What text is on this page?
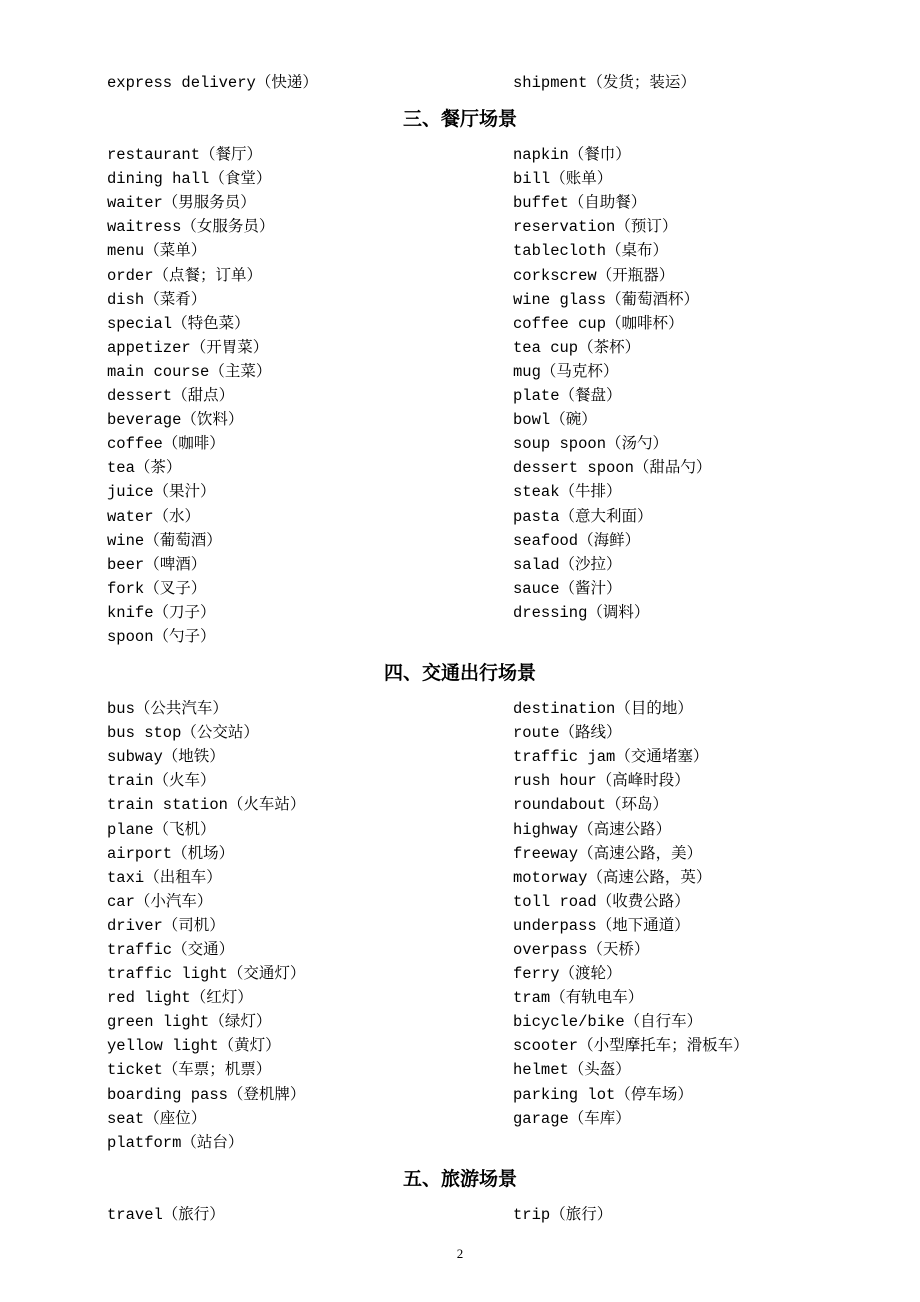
express delivery（快递）	shipment（发货；装运）
三、餐厅场景
restaurant（餐厅）	napkin（餐巾）
dining hall（食堂）	bill（账单）
waiter（男服务员）	buffet（自助餐）
waitress（女服务员）	reservation（预订）
menu（菜单）	tablecloth（桌布）
order（点餐；订单）	corkscrew（开瓶器）
dish（菜肴）	wine glass（葡萄酒杯）
special（特色菜）	coffee cup（咖啡杯）
appetizer（开胃菜）	tea cup（茶杯）
main course（主菜）	mug（马克杯）
dessert（甜点）	plate（餐盘）
beverage（饮料）	bowl（碗）
coffee（咖啡）	soup spoon（汤勺）
tea（茶）	dessert spoon（甜品勺）
juice（果汁）	steak（牛排）
water（水）	pasta（意大利面）
wine（葡萄酒）	seafood（海鲜）
beer（啤酒）	salad（沙拉）
fork（叉子）	sauce（酱汁）
knife（刀子）	dressing（调料）
spoon（勺子）
四、交通出行场景
bus（公共汽车）	destination（目的地）
bus stop（公交站）	route（路线）
subway（地铁）	traffic jam（交通堵塞）
train（火车）	rush hour（高峰时段）
train station（火车站）	roundabout（环岛）
plane（飞机）	highway（高速公路）
airport（机场）	freeway（高速公路，美）
taxi（出租车）	motorway（高速公路，英）
car（小汽车）	toll road（收费公路）
driver（司机）	underpass（地下通道）
traffic（交通）	overpass（天桥）
traffic light（交通灯）	ferry（渡轮）
red light（红灯）	tram（有轨电车）
green light（绿灯）	bicycle/bike（自行车）
yellow light（黄灯）	scooter（小型摩托车；滑板车）
ticket（车票；机票）	helmet（头盔）
boarding pass（登机牌）	parking lot（停车场）
seat（座位）	garage（车库）
platform（站台）
五、旅游场景
travel（旅行）	trip（旅行）
2
